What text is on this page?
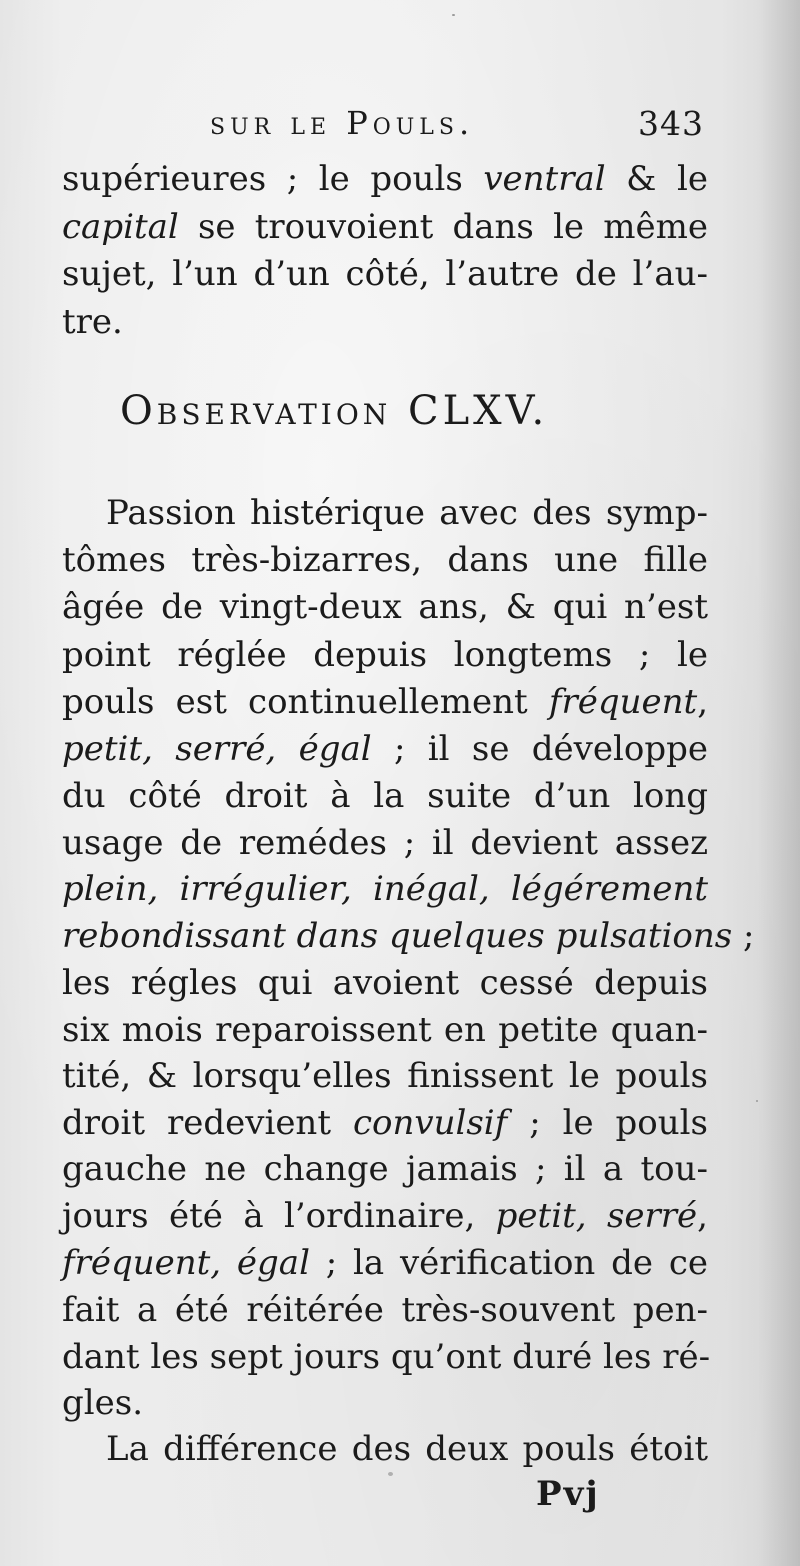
sur le Pouls.	343
supérieures ; le pouls ventral & le
capital se trouvoient dans le même
sujet, l’un d’un côté, l’autre de l’au-
tre.
Observation CLXV.
Passion histérique avec des symp-
tômes très-bizarres, dans une fille
âgée de vingt-deux ans, & qui n’est
point réglée depuis longtems ; le
pouls est continuellement fréquent,
petit, serré, égal ; il se développe
du côté droit à la suite d’un long
usage de remédes ; il devient assez
plein, irrégulier, inégal, légérement
rebondissant dans quelques pulsations ;
les régles qui avoient cessé depuis
six mois reparoissent en petite quan-
tité, & lorsqu’elles finissent le pouls
droit redevient convulsif ; le pouls
gauche ne change jamais ; il a tou-
jours été à l’ordinaire, petit, serré,
fréquent, égal ; la vérification de ce
fait a été réitérée très-souvent pen-
dant les sept jours qu’ont duré les ré-
gles.
La différence des deux pouls étoit
Pvj
